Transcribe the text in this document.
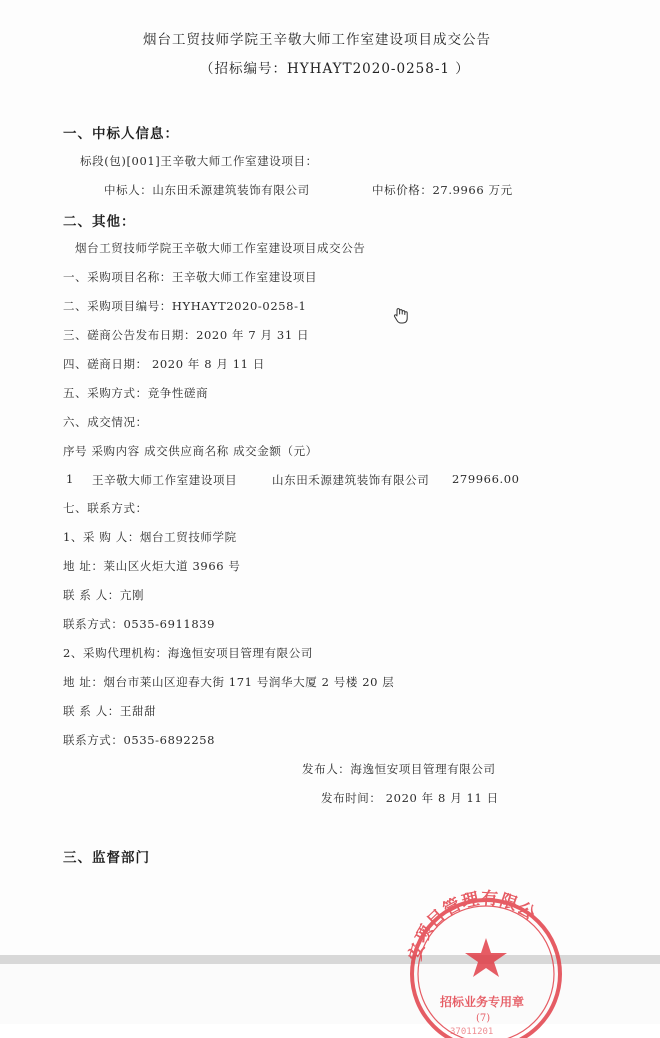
烟台工贸技师学院王辛敬大师工作室建设项目成交公告
（招标编号：HYHAYT2020-0258-1 ）
一、中标人信息：
标段(包)[001]王辛敬大师工作室建设项目：
中标人：山东田禾源建筑装饰有限公司	中标价格：27.9966 万元
二、其他：
烟台工贸技师学院王辛敬大师工作室建设项目成交公告
一、采购项目名称：王辛敬大师工作室建设项目
二、采购项目编号：HYHAYT2020-0258-1
三、磋商公告发布日期：2020 年 7 月 31 日
四、磋商日期： 2020 年 8 月 11 日
五、采购方式：竞争性磋商
六、成交情况：
序号 采购内容 成交供应商名称 成交金额（元）
1 王辛敬大师工作室建设项目	山东田禾源建筑装饰有限公司 279966.00
七、联系方式：
1、采 购 人：烟台工贸技师学院
地 址：莱山区火炬大道 3966 号
联 系 人：亢刚
联系方式：0535-6911839
2、采购代理机构：海逸恒安项目管理有限公司
地 址：烟台市莱山区迎春大街 171 号润华大厦 2 号楼 20 层
联 系 人：王甜甜
联系方式：0535-6892258
发布人：海逸恒安项目管理有限公司
发布时间： 2020 年 8 月 11 日
三、监督部门
安项目管理有限公
招标业务专用章
(7)
37011201
